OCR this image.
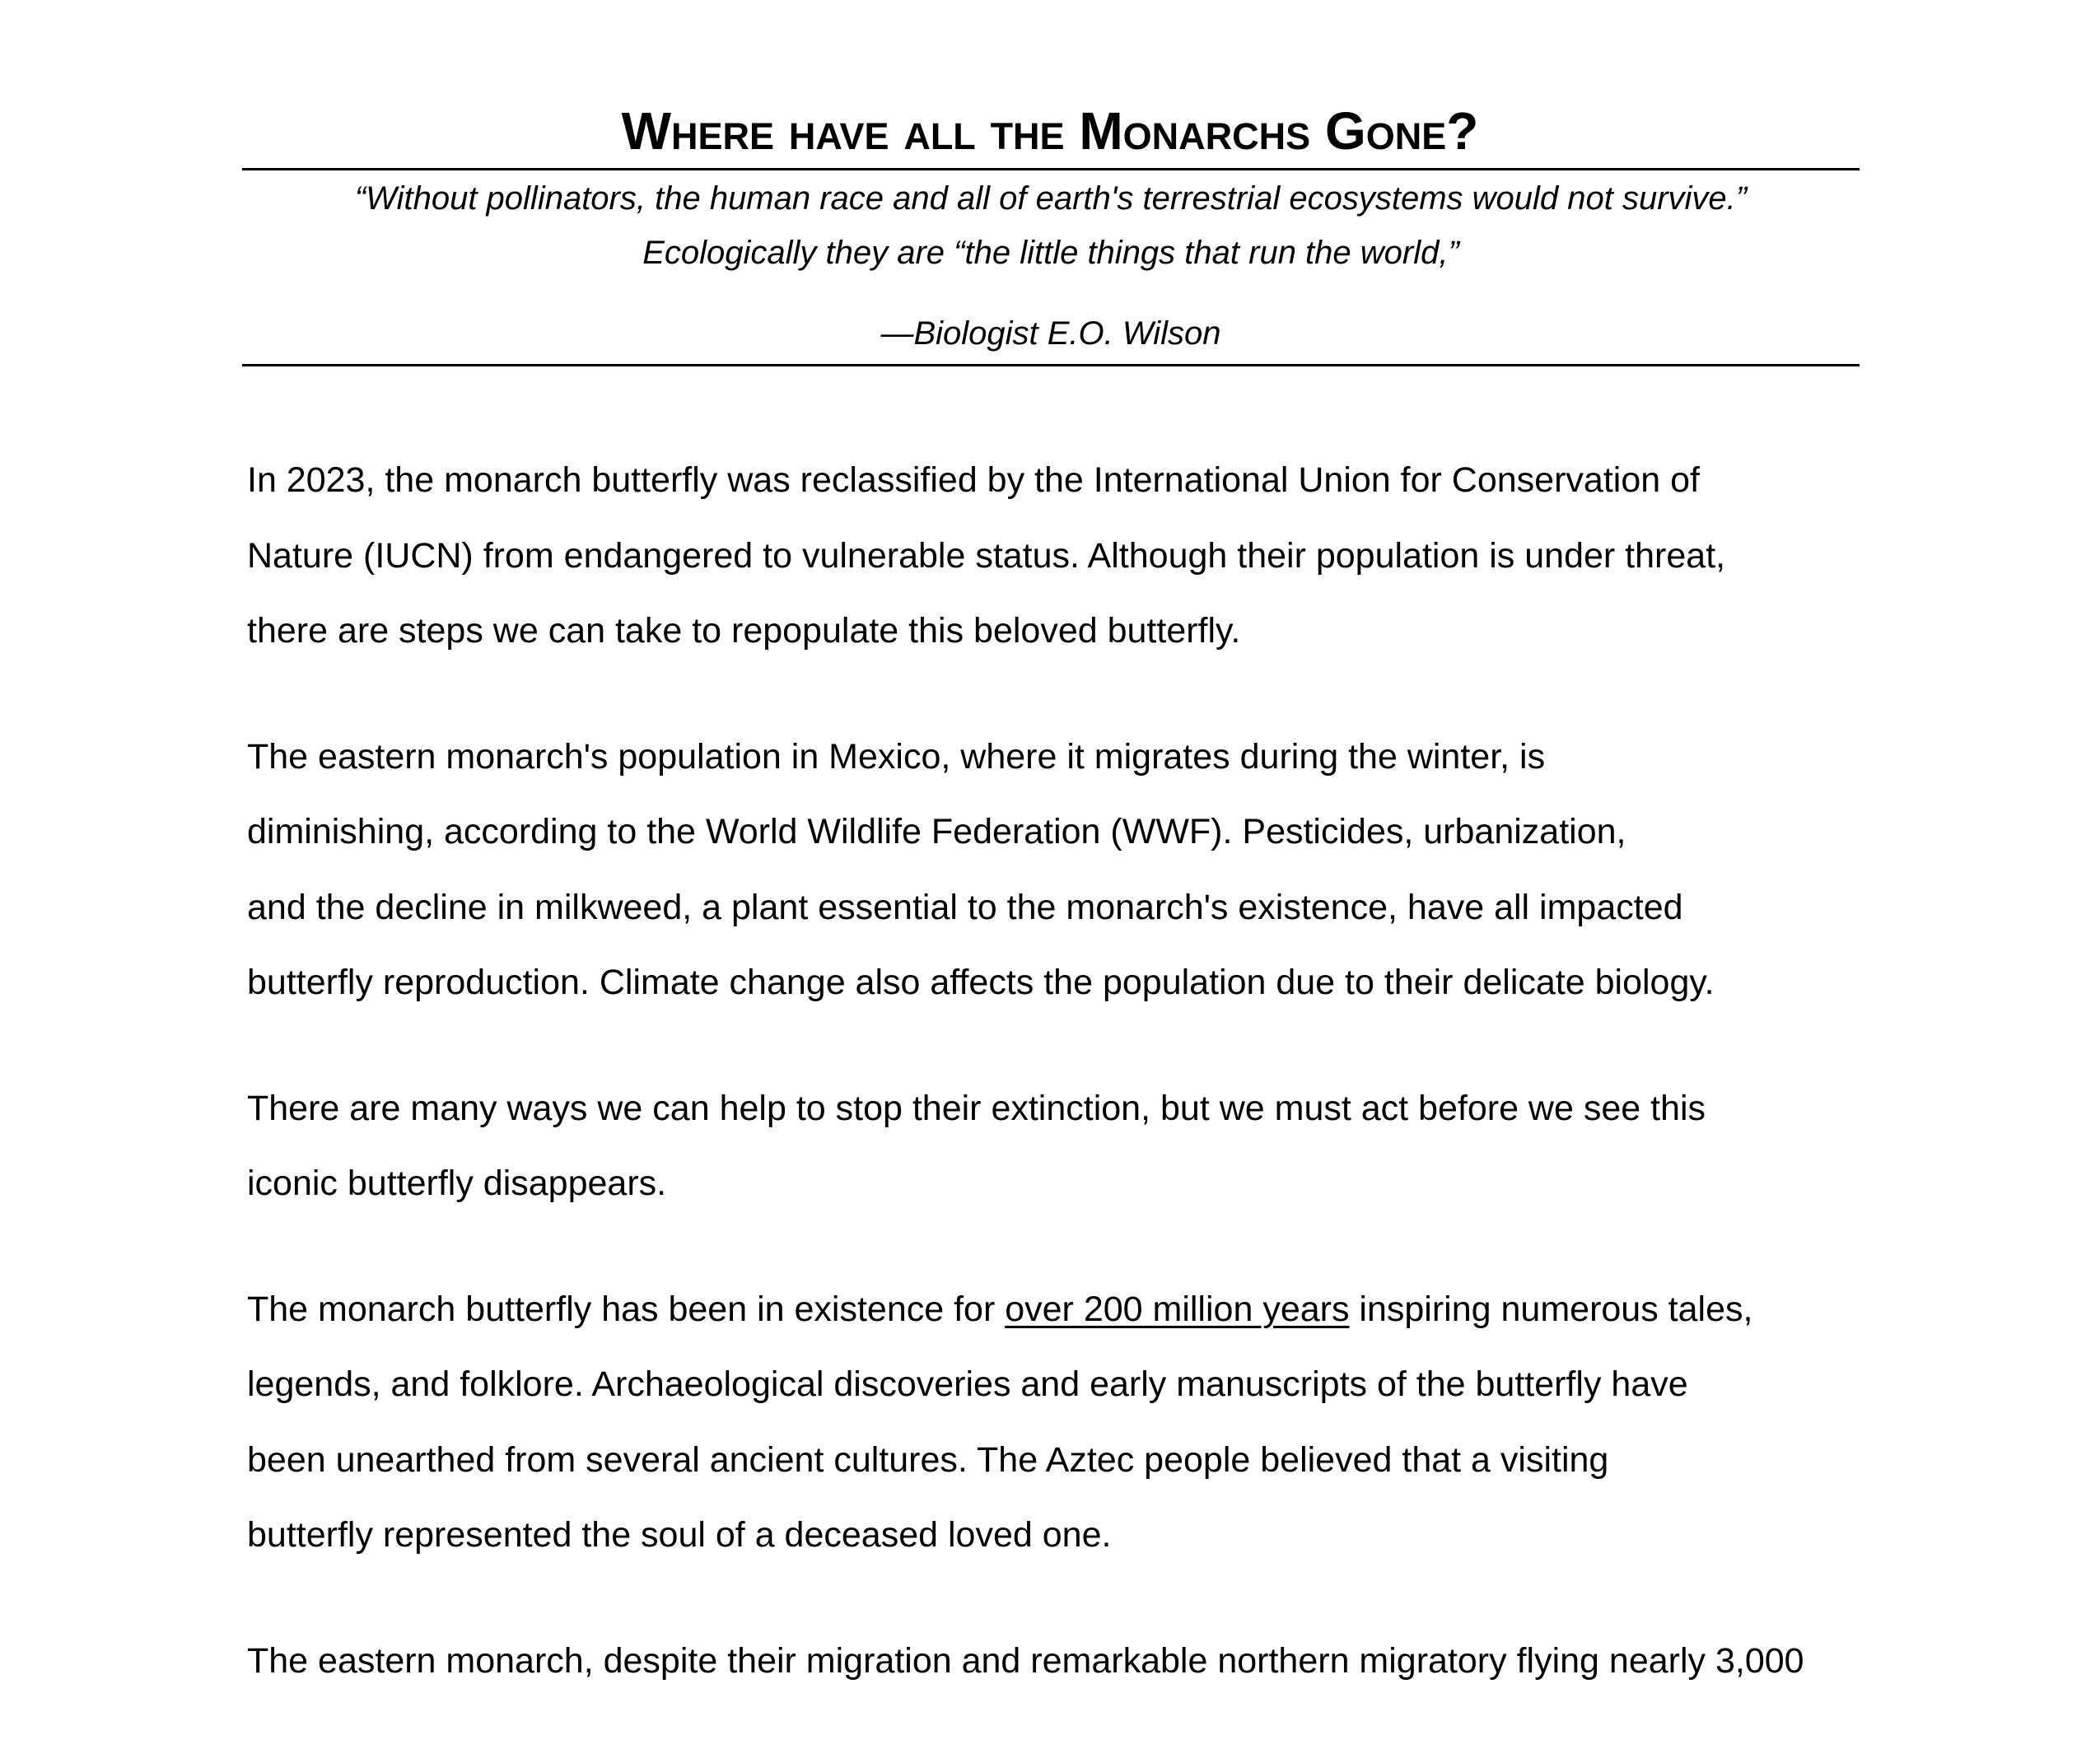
Where have all the Monarchs Gone?
“Without pollinators, the human race and all of earth's terrestrial ecosystems would not survive.”
Ecologically they are “the little things that run the world,”
—Biologist E.O. Wilson

In 2023, the monarch butterfly was reclassified by the International Union for Conservation of
Nature (IUCN) from endangered to vulnerable status. Although their population is under threat,
there are steps we can take to repopulate this beloved butterfly.

The eastern monarch's population in Mexico, where it migrates during the winter, is
diminishing, according to the World Wildlife Federation (WWF). Pesticides, urbanization,
and the decline in milkweed, a plant essential to the monarch's existence, have all impacted
butterfly reproduction. Climate change also affects the population due to their delicate biology.

There are many ways we can help to stop their extinction, but we must act before we see this
iconic butterfly disappears.

The monarch butterfly has been in existence for over 200 million years inspiring numerous tales,
legends, and folklore. Archaeological discoveries and early manuscripts of the butterfly have
been unearthed from several ancient cultures. The Aztec people believed that a visiting
butterfly represented the soul of a deceased loved one.

The eastern monarch, despite their migration and remarkable northern migratory flying nearly 3,000
